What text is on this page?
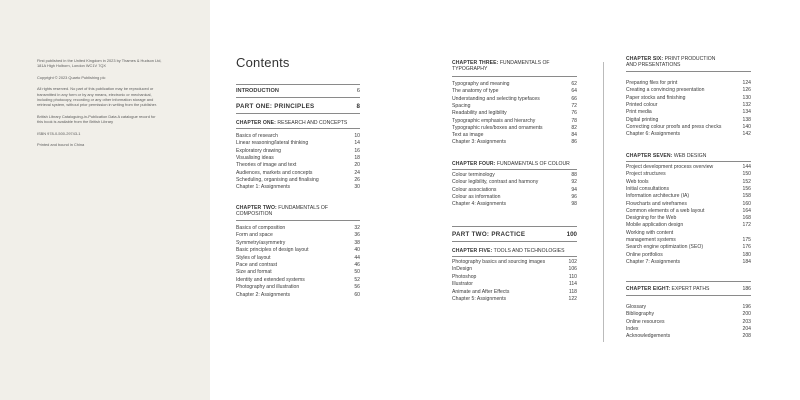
First published in the United Kingdom in 2023 by Thames & Hudson Ltd, 181A High Holborn, London WC1V 7QX

Copyright © 2023 Quarto Publishing plc

All rights reserved. No part of this publication may be reproduced or transmitted in any form or by any means, electronic or mechanical, including photocopy, recording or any other information storage and retrieval system, without prior permission in writing from the publisher.

British Library Cataloguing-in-Publication Data A catalogue record for this book is available from the British Library

ISBN 978-0-500-29743-1

Printed and bound in China

Contents
INTRODUCTION	6
PART ONE: PRINCIPLES	8
CHAPTER ONE: RESEARCH AND CONCEPTS
Basics of research	10
Linear reasoning/lateral thinking	14
Exploratory drawing	16
Visualising ideas	18
Theories of image and text	20
Audiences, markets and concepts	24
Scheduling, organising and finalising	26
Chapter 1: Assignments	30
CHAPTER TWO: FUNDAMENTALS OF
COMPOSITION
Basics of composition	32
Form and space	36
Symmetry/asymmetry	38
Basic principles of design layout	40
Styles of layout	44
Pace and contrast	46
Size and format	50
Identity and extended systems	52
Photography and illustration	56
Chapter 2: Assignments	60
CHAPTER THREE: FUNDAMENTALS OF
TYPOGRAPHY
Typography and meaning	62
The anatomy of type	64
Understanding and selecting typefaces	66
Spacing	72
Readability and legibility	76
Typographic emphasis and hierarchy	78
Typographic rules/boxes and ornaments	82
Text as image	84
Chapter 3: Assignments	86
CHAPTER FOUR: FUNDAMENTALS OF COLOUR
Colour terminology	88
Colour legibility, contrast and harmony	92
Colour associations	94
Colour as information	96
Chapter 4: Assignments	98
PART TWO: PRACTICE	100
CHAPTER FIVE: TOOLS AND TECHNOLOGIES
Photography basics and sourcing images	102
InDesign	106
Photoshop	110
Illustrator	114
Animate and After Effects	118
Chapter 5: Assignments	122
CHAPTER SIX: PRINT PRODUCTION
AND PRESENTATIONS
Preparing files for print	124
Creating a convincing presentation	126
Paper stocks and finishing	130
Printed colour	132
Print media	134
Digital printing	138
Correcting colour proofs and press checks	140
Chapter 6: Assignments	142
CHAPTER SEVEN: WEB DESIGN
Project development process overview	144
Project structures	150
Web tools	152
Initial consultations	156
Information architecture (IA)	158
Flowcharts and wireframes	160
Common elements of a web layout	164
Designing for the Web	168
Mobile application design	172
Working with content
management systems	175
Search engine optimization (SEO)	176
Online portfolios	180
Chapter 7: Assignments	184
CHAPTER EIGHT: EXPERT PATHS	186
Glossary	196
Bibliography	200
Online resources	203
Index	204
Acknowledgements	208
